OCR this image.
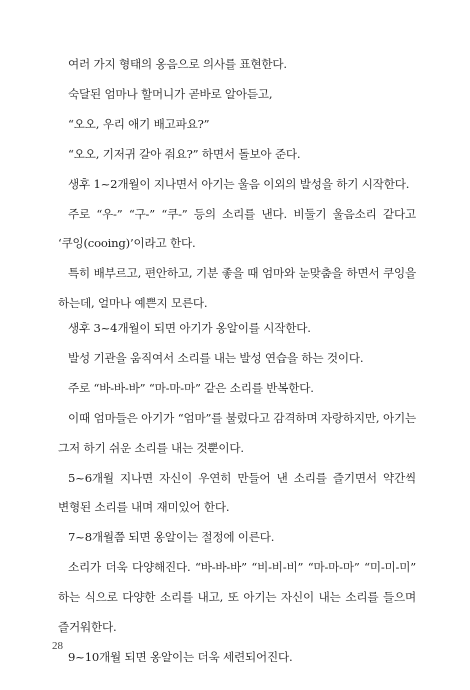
여러 가지 형태의 옹음으로 의사를 표현한다.

숙달된 엄마나 할머니가 곧바로 알아듣고,

“오오, 우리 애기 배고파요?”

“오오, 기저귀 갈아 줘요?” 하면서 돌보아 준다.

생후 1~2개월이 지나면서 아기는 울음 이외의 발성을 하기 시작한다.

주로 “우-” “구-” “쿠-” 등의 소리를 낸다. 비둘기 울음소리 같다고 ‘쿠잉(cooing)’이라고 한다.

특히 배부르고, 편안하고, 기분 좋을 때 엄마와 눈맞춤을 하면서 쿠잉을 하는데, 얼마나 예쁜지 모른다.

생후 3~4개월이 되면 아기가 옹알이를 시작한다.

발성 기관을 움직여서 소리를 내는 발성 연습을 하는 것이다.

주로 “바-바-바” “마-마-마” 같은 소리를 반복한다.

이때 엄마들은 아기가 “엄마”를 불렀다고 감격하며 자랑하지만, 아기는 그저 하기 쉬운 소리를 내는 것뿐이다.

5~6개월 지나면 자신이 우연히 만들어 낸 소리를 즐기면서 약간씩 변형된 소리를 내며 재미있어 한다.

7~8개월쯤 되면 옹알이는 절정에 이른다.

소리가 더욱 다양해진다. “바-바-바” “비-비-비” “마-마-마” “미-미-미” 하는 식으로 다양한 소리를 내고, 또 아기는 자신이 내는 소리를 들으며 즐거워한다.

9~10개월 되면 옹알이는 더욱 세련되어진다.

28
